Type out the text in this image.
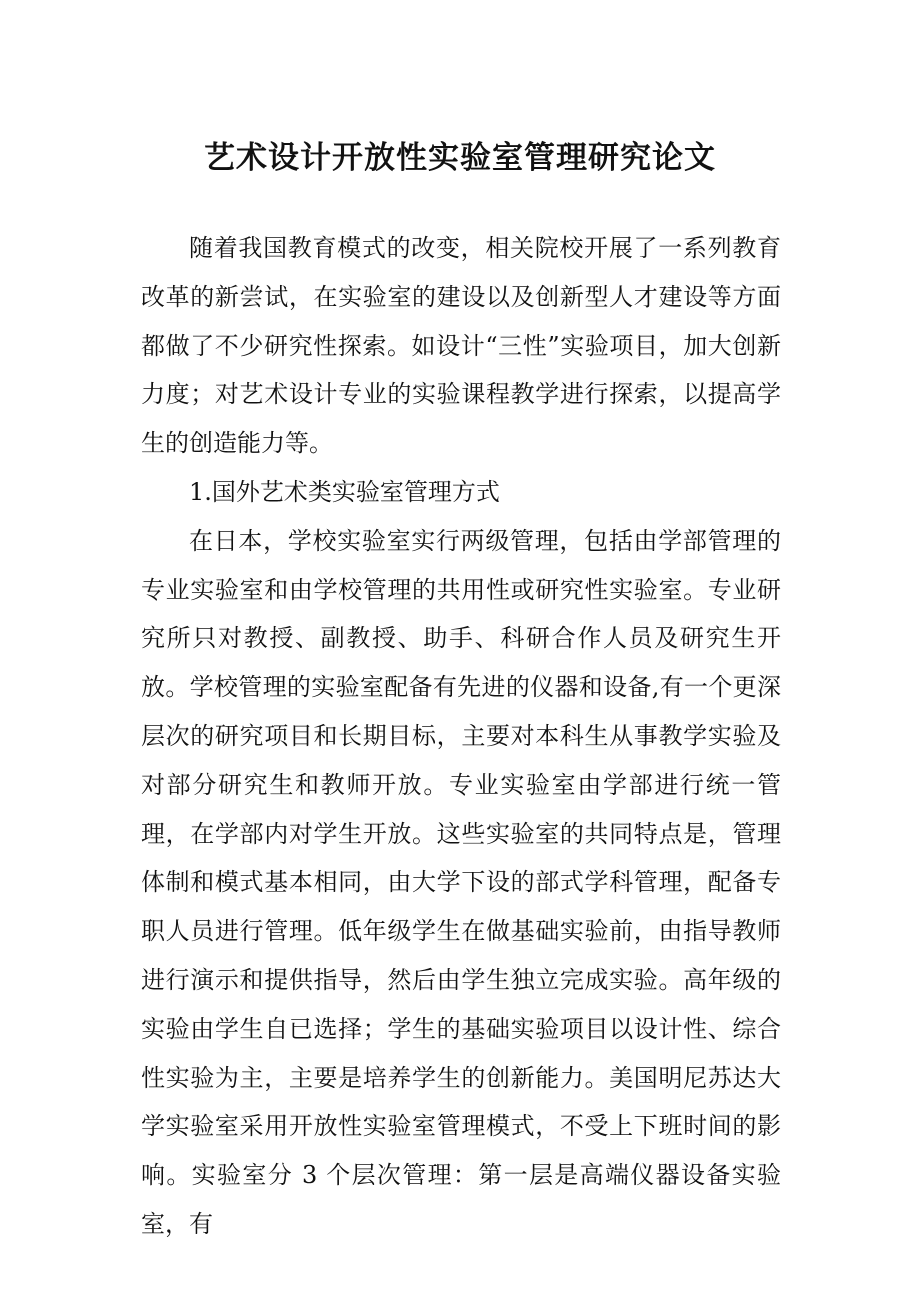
艺术设计开放性实验室管理研究论文

随着我国教育模式的改变，相关院校开展了一系列教育改革的新尝试，在实验室的建设以及创新型人才建设等方面都做了不少研究性探索。如设计“三性”实验项目，加大创新力度；对艺术设计专业的实验课程教学进行探索，以提高学生的创造能力等。

1.国外艺术类实验室管理方式

在日本，学校实验室实行两级管理，包括由学部管理的专业实验室和由学校管理的共用性或研究性实验室。专业研究所只对教授、副教授、助手、科研合作人员及研究生开放。学校管理的实验室配备有先进的仪器和设备,有一个更深层次的研究项目和长期目标，主要对本科生从事教学实验及对部分研究生和教师开放。专业实验室由学部进行统一管理，在学部内对学生开放。这些实验室的共同特点是，管理体制和模式基本相同，由大学下设的部式学科管理，配备专职人员进行管理。低年级学生在做基础实验前，由指导教师进行演示和提供指导，然后由学生独立完成实验。高年级的实验由学生自已选择；学生的基础实验项目以设计性、综合性实验为主，主要是培养学生的创新能力。美国明尼苏达大学实验室采用开放性实验室管理模式，不受上下班时间的影响。实验室分 3 个层次管理：第一层是高端仪器设备实验室，有
